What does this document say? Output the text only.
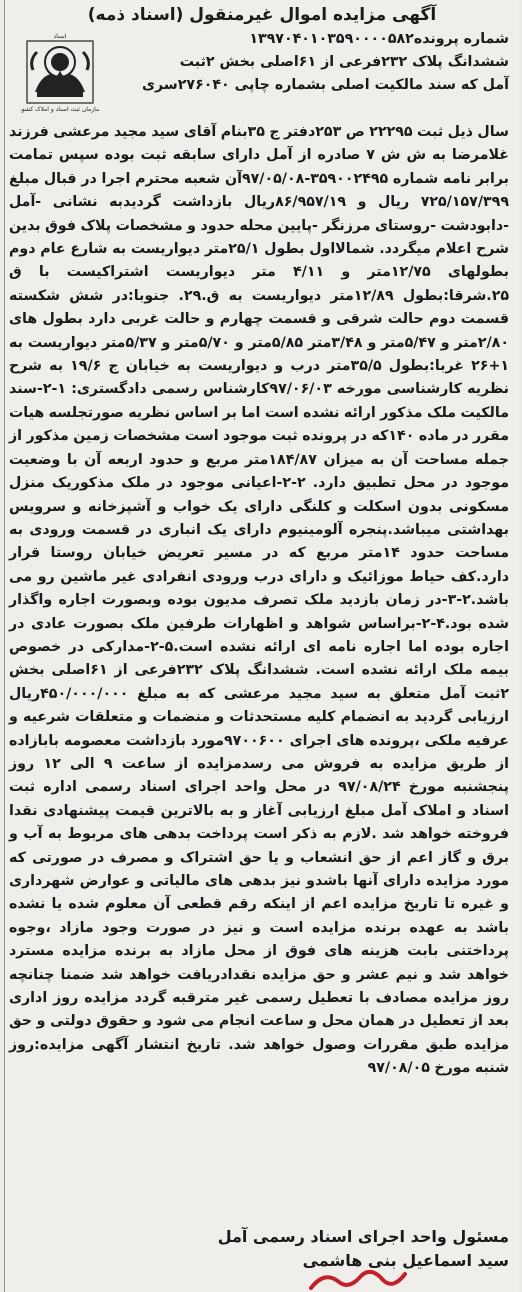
آگهی مزایده اموال غیرمنقول (اسناد ذمه)
اسناد
سازمان ثبت اسناد و املاک کشور
شماره پرونده۱۳۹۷۰۴۰۱۰۳۵۹۰۰۰۰۵۸۲
ششدانگ پلاک ۲۳۲فرعی از ۶۱اصلی بخش ۲ثبت
آمل که سند مالکیت اصلی بشماره چاپی ۲۷۶۰۴۰سری
سال ذیل ثبت ۲۲۲۹۵ ص ۲۵۳دفتر ج ۳۵بنام آقای سید مجید مرعشی فرزند غلامرضا به ش ش ۷ صادره از آمل دارای سابقه ثبت بوده سپس تمامت برابر نامه شماره ۳۵۹۰۰۲۴۹۵-۹۷/۰۵/۰۸آن شعبه محترم اجرا در قبال مبلغ ۷۲۵/۱۵۷/۳۹۹ ریال و ۸۶/۹۵۷/۱۹ریال بازداشت گردیدبه نشانی -آمل -دابودشت -روستای مرزنگر -پایین محله حدود و مشخصات پلاک فوق بدین شرح اعلام میگردد. شمالااول بطول ۲۵/۱متر دیواریست به شارع عام دوم بطولهای ۱۲/۷۵متر و ۴/۱۱ متر دیواریست اشتراکیست با ق ۲۵.شرقا:بطول ۱۲/۸۹متر دیواریست به ق.۲۹. جنوبا:در شش شکسته قسمت دوم حالت شرقی و قسمت چهارم و حالت غربی دارد بطول های ۲/۸۰متر و ۵/۴۷متر و ۳/۴۸متر ۵/۸۵متر و ۵/۷۰متر و ۵/۳۷متر دیواریست به ۱+۲۶ غربا:بطول ۳۵/۵متر درب و دیواریست به خیابان ج ۱۹/۶ به شرح نظریه کارشناسی مورخه ۹۷/۰۶/۰۳کارشناس رسمی دادگستری: ۱-۲-سند مالکیت ملک مذکور ارائه نشده است اما بر اساس نظریه صورتجلسه هیات مقرر در ماده ۱۴۰که در پرونده ثبت موجود است مشخصات زمین مذکور از جمله مساحت آن به میزان ۱۸۴/۸۷متر مربع و حدود اربعه آن با وضعیت موجود در محل تطبیق دارد. ۲-۲-اعیانی موجود در ملک مذکوریک منزل مسکونی بدون اسکلت و کلنگی دارای یک خواب و آشپزخانه و سرویس بهداشتی میباشد.پنجره آلومینیوم دارای یک انباری در قسمت ورودی به مساحت حدود ۱۴متر مربع که در مسیر تعریض خیابان روستا قرار دارد.کف حیاط موزائیک و دارای درب ورودی انفرادی غیر ماشین رو می باشد.۲-۳-در زمان بازدید ملک تصرف مدیون بوده وبصورت اجاره واگذار شده بود.۴-۲-براساس شواهد و اظهارات طرفین ملک بصورت عادی در اجاره بوده اما اجاره نامه ای ارائه نشده است.۵-۲-مدارکی در خصوص بیمه ملک ارائه نشده است. ششدانگ پلاک ۲۳۲فرعی از ۶۱اصلی بخش ۲ثبت آمل متعلق به سید مجید مرعشی که به مبلغ ۴۵۰/۰۰۰/۰۰۰ریال ارزیابی گردید به انضمام کلیه مستحدثات و منضمات و متعلقات شرعیه و عرفیه ملکی ،پرونده های اجرای ۹۷۰۰۶۰۰مورد بازداشت معصومه بابازاده از طریق مزایده به فروش می رسدمزایده از ساعت ۹ الی ۱۲ روز پنجشنبه مورخ ۹۷/۰۸/۲۴ در محل واحد اجرای اسناد رسمی اداره ثبت اسناد و املاک آمل مبلغ ارزیابی آغاز و به بالاترین قیمت پیشنهادی نقدا فروخته خواهد شد .لازم به ذکر است پرداخت بدهی های مربوط به آب و برق و گاز اعم از حق انشعاب و یا حق اشتراک و مصرف در صورتی که مورد مزایده دارای آنها باشدو نیز بدهی های مالیاتی و عوارض شهرداری و غیره تا تاریخ مزایده اعم از اینکه رقم قطعی آن معلوم شده یا نشده باشد به عهده برنده مزایده است و نیز در صورت وجود مازاد ،وجوه پرداختنی بابت هزینه های فوق از محل مازاد به برنده مزایده مسترد خواهد شد و نیم عشر و حق مزایده نقدادریافت خواهد شد ضمنا چنانچه روز مزایده مصادف با تعطیل رسمی غیر مترقبه گردد مزایده روز اداری بعد از تعطیل در همان محل و ساعت انجام می شود و حقوق دولتی و حق مزایده طبق مقررات وصول خواهد شد. تاریخ انتشار آگهی مزایده:روز شنبه مورخ ۹۷/۰۸/۰۵
مسئول واحد اجرای اسناد رسمی آمل
سید اسماعیل بنی هاشمی
